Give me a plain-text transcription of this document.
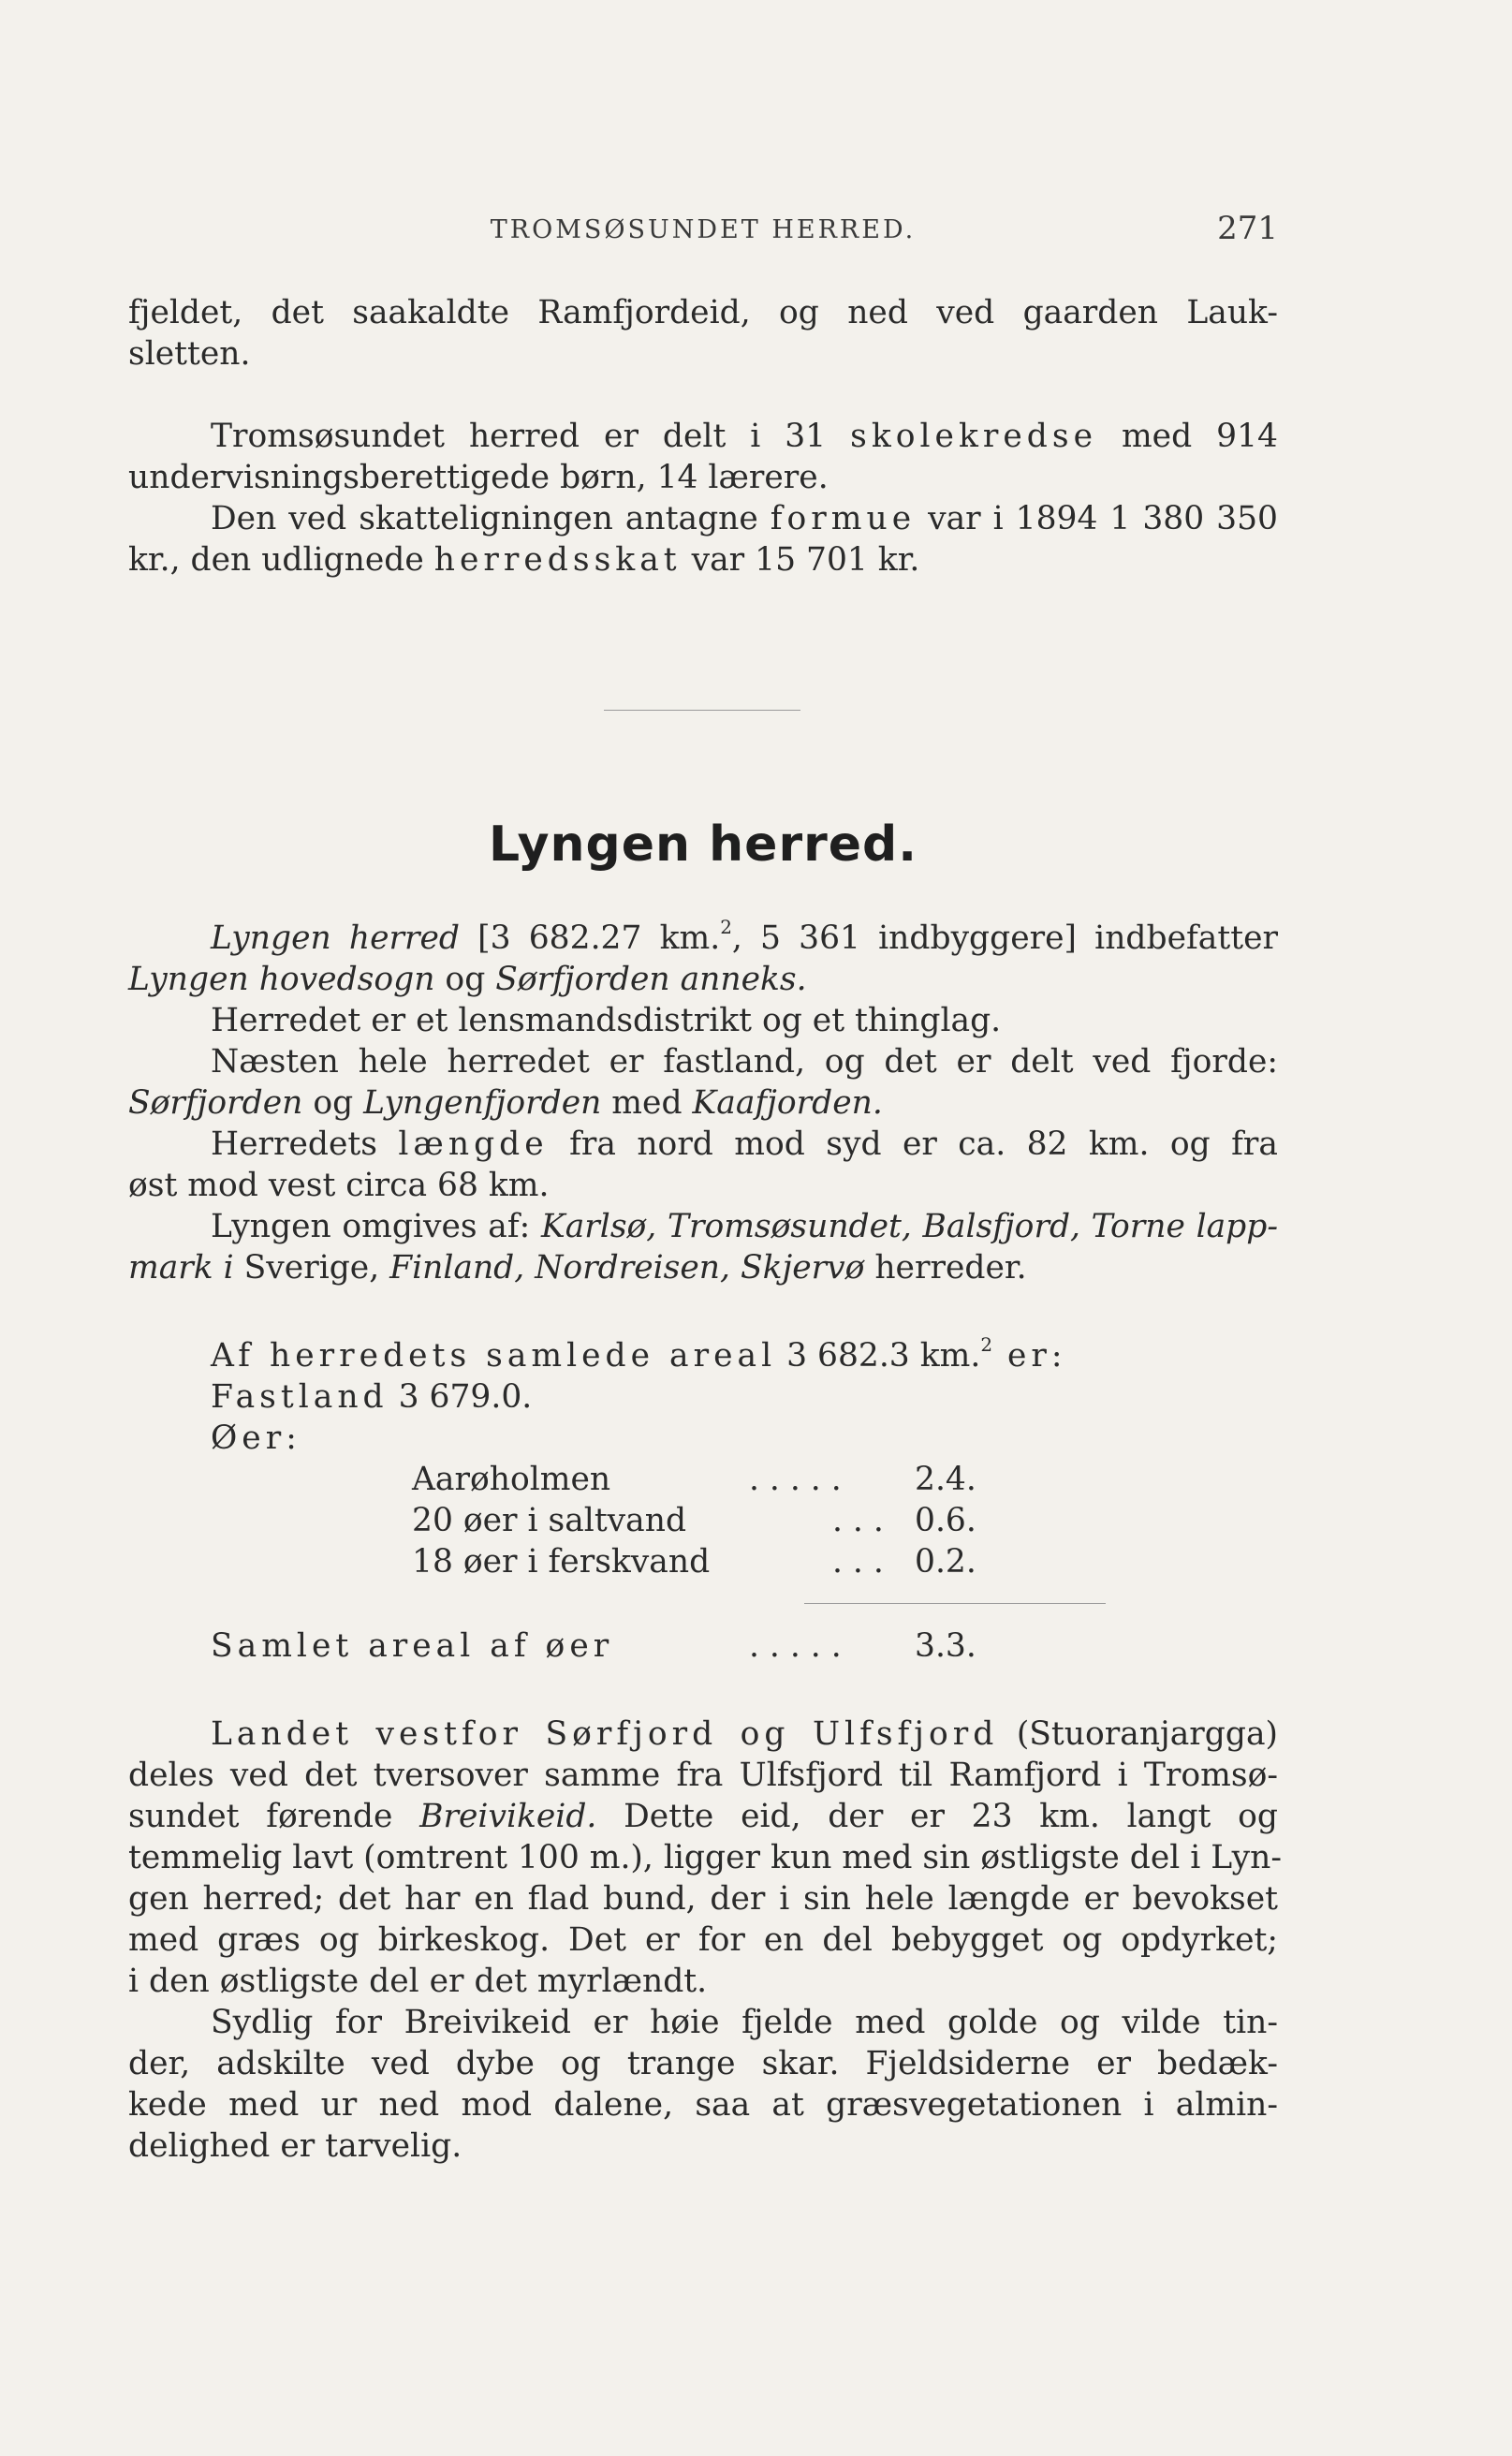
TROMSØSUNDET HERRED.	271
fjeldet, det saakaldte Ramfjordeid, og ned ved gaarden Lauk-
sletten.
Tromsøsundet herred er delt i 31 skolekredse med 914
undervisningsberettigede børn, 14 lærere.
Den ved skatteligningen antagne formue var i 1894 1 380 350
kr., den udlignede herredsskat var 15 701 kr.
Lyngen herred.
Lyngen herred [3 682.27 km.$^2$, 5 361 indbyggere] indbefatter
Lyngen hovedsogn og Sørfjorden anneks.
Herredet er et lensmandsdistrikt og et thinglag.
Næsten hele herredet er fastland, og det er delt ved fjorde:
Sørfjorden og Lyngenfjorden med Kaafjorden.
Herredets længde fra nord mod syd er ca. 82 km. og fra
øst mod vest circa 68 km.
Lyngen omgives af: Karlsø, Tromsøsundet, Balsfjord, Torne lapp-
mark i Sverige, Finland, Nordreisen, Skjervø herreder.
Af herredets samlede areal 3 682.3 km.$^2$ er:
Fastland 3 679.0.
Øer:
Aarøholmen	. . . . . 2.4.
20 øer i saltvand	. . . 0.6.
18 øer i ferskvand	. . . 0.2.
Samlet areal af øer	. . . . . 3.3.
Landet vestfor Sørfjord og Ulfsfjord (Stuoranjargga)
deles ved det tversover samme fra Ulfsfjord til Ramfjord i Tromsø-
sundet førende Breivikeid. Dette eid, der er 23 km. langt og
temmelig lavt (omtrent 100 m.), ligger kun med sin østligste del i Lyn-
gen herred; det har en flad bund, der i sin hele længde er bevokset
med græs og birkeskog. Det er for en del bebygget og opdyrket;
i den østligste del er det myrlændt.
Sydlig for Breivikeid er høie fjelde med golde og vilde tin-
der, adskilte ved dybe og trange skar. Fjeldsiderne er bedæk-
kede med ur ned mod dalene, saa at græsvegetationen i almin-
delighed er tarvelig.
